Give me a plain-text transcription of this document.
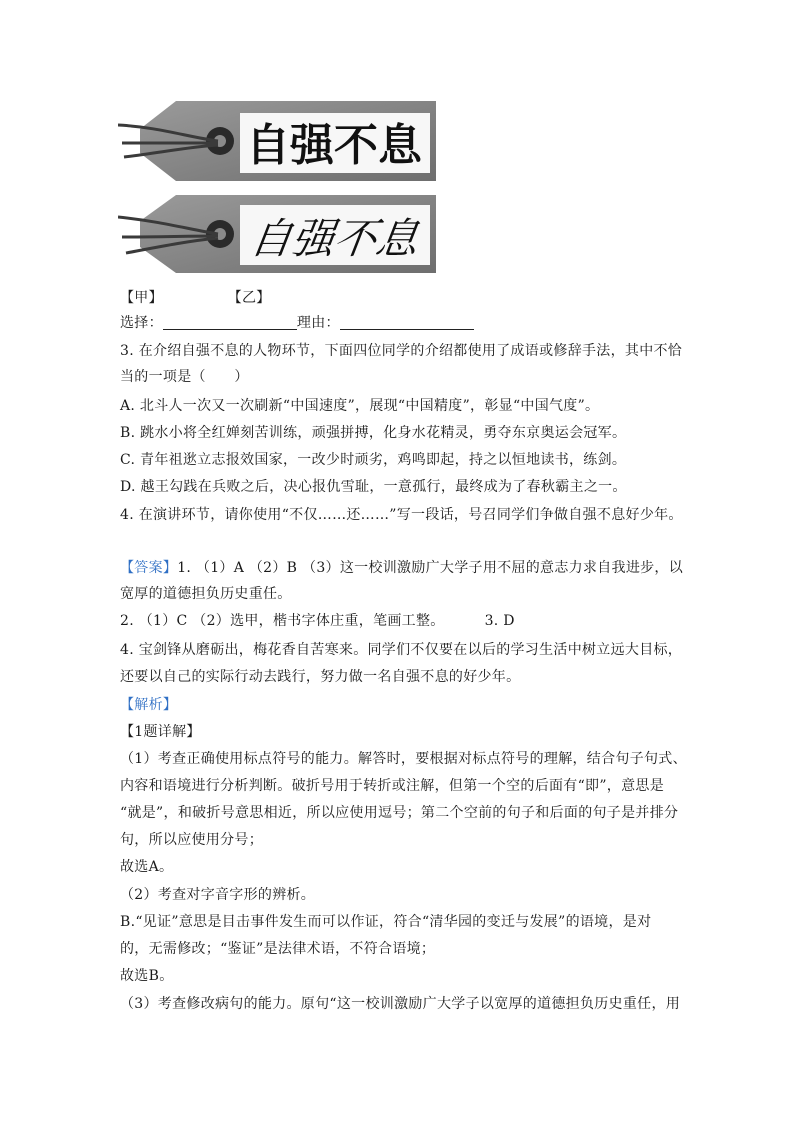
自强不息
自强不息
【甲】	【乙】
选择：	理由：
3. 在介绍自强不息的人物环节，下面四位同学的介绍都使用了成语或修辞手法，其中不恰
当的一项是（　　）
A. 北斗人一次又一次刷新“中国速度”，展现“中国精度”，彰显“中国气度”。
B. 跳水小将全红婵刻苦训练，顽强拼搏，化身水花精灵，勇夺东京奥运会冠军。
C. 青年祖逖立志报效国家，一改少时顽劣，鸡鸣即起，持之以恒地读书，练剑。
D. 越王勾践在兵败之后，决心报仇雪耻，一意孤行，最终成为了春秋霸主之一。
4. 在演讲环节，请你使用“不仅……还……”写一段话，号召同学们争做自强不息好少年。
【答案】1. （1）A （2）B （3）这一校训激励广大学子用不屈的意志力求自我进步，以
宽厚的道德担负历史重任。
2. （1）C （2）选甲，楷书字体庄重，笔画工整。	3. D
4. 宝剑锋从磨砺出，梅花香自苦寒来。同学们不仅要在以后的学习生活中树立远大目标，
还要以自己的实际行动去践行，努力做一名自强不息的好少年。
【解析】
【1题详解】
（1）考查正确使用标点符号的能力。解答时，要根据对标点符号的理解，结合句子句式、
内容和语境进行分析判断。破折号用于转折或注解，但第一个空的后面有“即”，意思是
“就是”，和破折号意思相近，所以应使用逗号；第二个空前的句子和后面的句子是并排分
句，所以应使用分号；
故选A。
（2）考查对字音字形的辨析。
B.“见证”意思是目击事件发生而可以作证，符合“清华园的变迁与发展”的语境，是对
的，无需修改；“鉴证”是法律术语，不符合语境；
故选B。
（3）考查修改病句的能力。原句“这一校训激励广大学子以宽厚的道德担负历史重任，用
